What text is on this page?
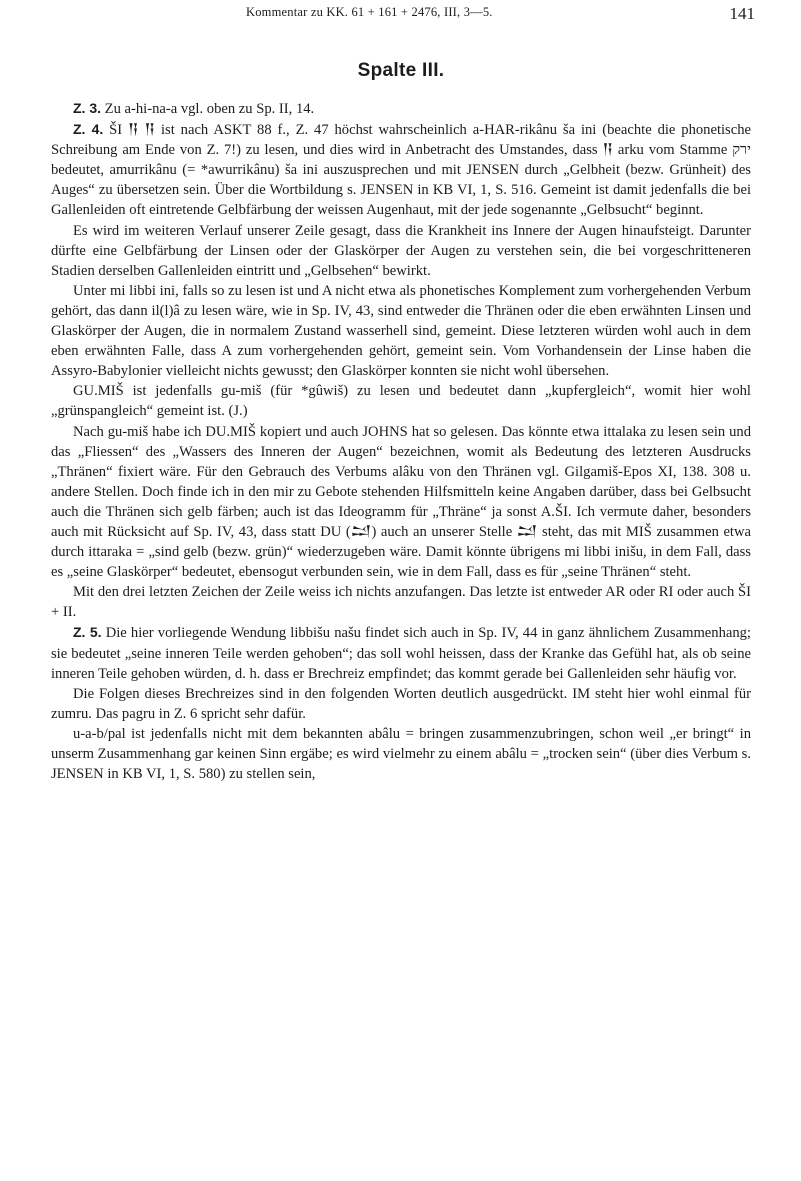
Kommentar zu KK. 61 + 161 + 2476, III, 3—5.	141
Spalte III.

Z. 3. Zu a-hi-na-a vgl. oben zu Sp. II, 14.

Z. 4. ŠI 𒀀 𒀀 ist nach ASKT 88 f., Z. 47 höchst wahrscheinlich a-HAR-rikânu ša ini (beachte die phonetische Schreibung am Ende von Z. 7!) zu lesen, und dies wird in Anbetracht des Umstandes, dass 𒀀 arku vom Stamme ירק bedeutet, amurrikânu (= *awurrikânu) ša ini auszusprechen und mit JENSEN durch „Gelbheit (bezw. Grünheit) des Auges“ zu übersetzen sein. Über die Wortbildung s. JENSEN in KB VI, 1, S. 516. Gemeint ist damit jedenfalls die bei Gallenleiden oft eintretende Gelbfärbung der weissen Augenhaut, mit der jede sogenannte „Gelbsucht“ beginnt.

Es wird im weiteren Verlauf unserer Zeile gesagt, dass die Krankheit ins Innere der Augen hinaufsteigt. Darunter dürfte eine Gelbfärbung der Linsen oder der Glaskörper der Augen zu verstehen sein, die bei vorgeschritteneren Stadien derselben Gallenleiden eintritt und „Gelbsehen“ bewirkt.

Unter mi libbi ini, falls so zu lesen ist und A nicht etwa als phonetisches Komplement zum vorhergehenden Verbum gehört, das dann il(l)â zu lesen wäre, wie in Sp. IV, 43, sind entweder die Thränen oder die eben erwähnten Linsen und Glaskörper der Augen, die in normalem Zustand wasserhell sind, gemeint. Diese letzteren würden wohl auch in dem eben erwähnten Falle, dass A zum vorhergehenden gehört, gemeint sein. Vom Vorhandensein der Linse haben die Assyro-Babylonier vielleicht nichts gewusst; den Glaskörper konnten sie nicht wohl übersehen.

GU.MIŠ ist jedenfalls gu-miš (für *gûwiš) zu lesen und bedeutet dann „kupfergleich“, womit hier wohl „grünspangleich“ gemeint ist. (J.)

Nach gu-miš habe ich DU.MIŠ kopiert und auch JOHNS hat so gelesen. Das könnte etwa ittalaka zu lesen sein und das „Fliessen“ des „Wassers des Inneren der Augen“ bezeichnen, womit als Bedeutung des letzteren Ausdrucks „Thränen“ fixiert wäre. Für den Gebrauch des Verbums alâku von den Thränen vgl. Gilgamiš-Epos XI, 138. 308 u. andere Stellen. Doch finde ich in den mir zu Gebote stehenden Hilfsmitteln keine Angaben darüber, dass bei Gelbsucht auch die Thränen sich gelb färben; auch ist das Ideogramm für „Thräne“ ja sonst A.ŠI. Ich vermute daher, besonders auch mit Rücksicht auf Sp. IV, 43, dass statt DU (𒁺) auch an unserer Stelle 𒁺 steht, das mit MIŠ zusammen etwa durch ittaraka = „sind gelb (bezw. grün)“ wiederzugeben wäre. Damit könnte übrigens mi libbi inišu, in dem Fall, dass es „seine Glaskörper“ bedeutet, ebensogut verbunden sein, wie in dem Fall, dass es für „seine Thränen“ steht.

Mit den drei letzten Zeichen der Zeile weiss ich nichts anzufangen. Das letzte ist entweder AR oder RI oder auch ŠI + II.

Z. 5. Die hier vorliegende Wendung libbišu našu findet sich auch in Sp. IV, 44 in ganz ähnlichem Zusammenhang; sie bedeutet „seine inneren Teile werden gehoben“; das soll wohl heissen, dass der Kranke das Gefühl hat, als ob seine inneren Teile gehoben würden, d. h. dass er Brechreiz empfindet; das kommt gerade bei Gallenleiden sehr häufig vor.

Die Folgen dieses Brechreizes sind in den folgenden Worten deutlich ausgedrückt. IM steht hier wohl einmal für zumru. Das pagru in Z. 6 spricht sehr dafür.

u-a-b/pal ist jedenfalls nicht mit dem bekannten abâlu = bringen zusammenzubringen, schon weil „er bringt“ in unserm Zusammenhang gar keinen Sinn ergäbe; es wird vielmehr zu einem abâlu = „trocken sein“ (über dies Verbum s. JENSEN in KB VI, 1, S. 580) zu stellen sein,
